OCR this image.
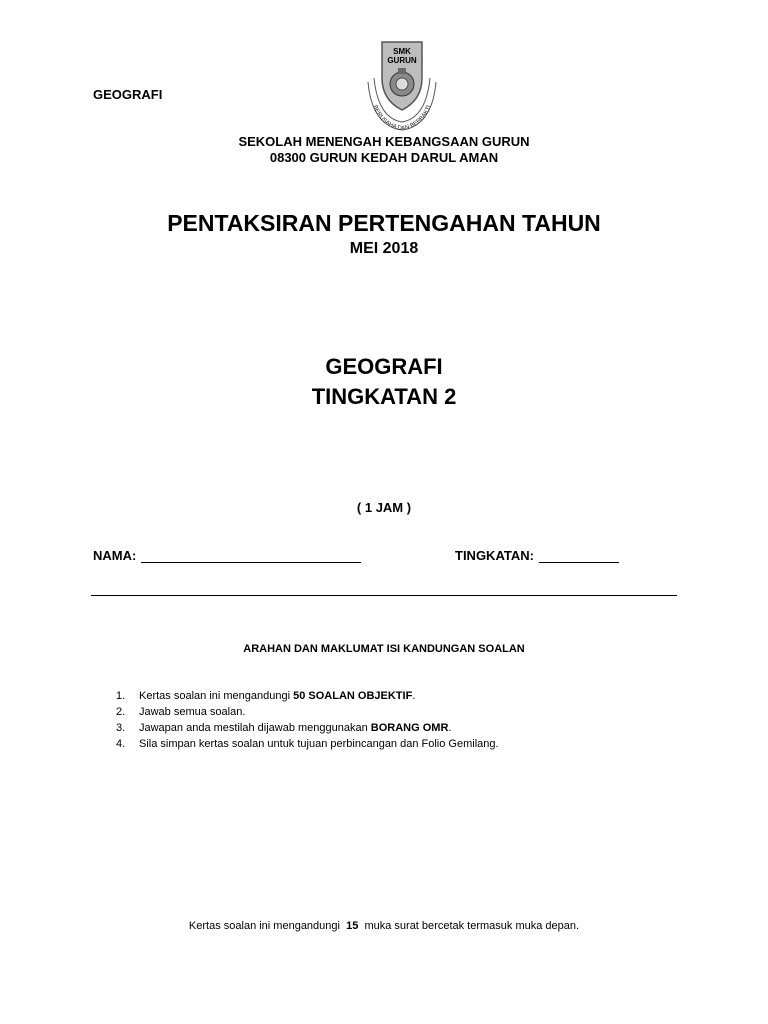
GEOGRAFI
SMK
GURUN
BERUSAHA DAN BERBAKTI
SEKOLAH MENENGAH KEBANGSAAN GURUN
08300 GURUN KEDAH DARUL AMAN
PENTAKSIRAN PERTENGAHAN TAHUN
MEI 2018
GEOGRAFI
TINGKATAN 2
( 1 JAM )
NAMA:	TINGKATAN:
ARAHAN DAN MAKLUMAT ISI KANDUNGAN SOALAN
1.	Kertas soalan ini mengandungi 50 SOALAN OBJEKTIF.
2.	Jawab semua soalan.
3.	Jawapan anda mestilah dijawab menggunakan BORANG OMR.
4.	Sila simpan kertas soalan untuk tujuan perbincangan dan Folio Gemilang.
Kertas soalan ini mengandungi  15  muka surat bercetak termasuk muka depan.
